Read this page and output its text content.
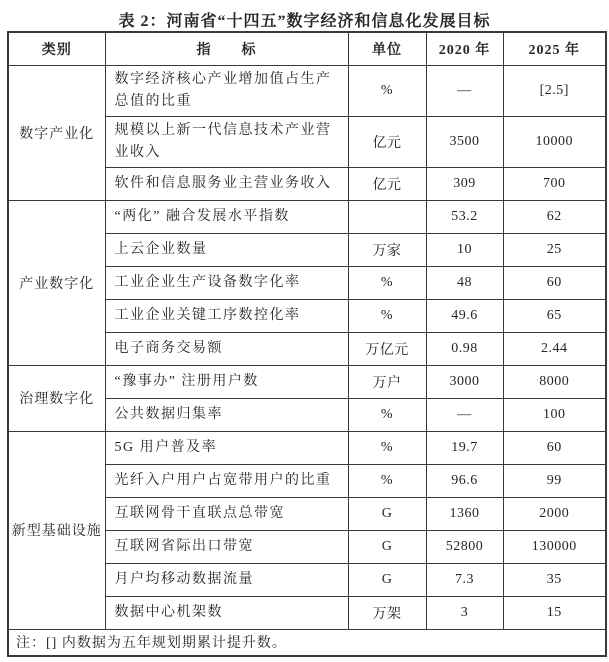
表 2：河南省“十四五”数字经济和信息化发展目标
类别	指　　标	单位	2020 年	2025 年
数字产业化	数字经济核心产业增加值占生产总值的比重	%	—	[2.5]
	规模以上新一代信息技术产业营业收入	亿元	3500	10000
	软件和信息服务业主营业务收入	亿元	309	700
产业数字化	“两化” 融合发展水平指数		53.2	62
	上云企业数量	万家	10	25
	工业企业生产设备数字化率	%	48	60
	工业企业关键工序数控化率	%	49.6	65
	电子商务交易额	万亿元	0.98	2.44
治理数字化	“豫事办” 注册用户数	万户	3000	8000
	公共数据归集率	%	—	100
新型基础设施	5G 用户普及率	%	19.7	60
	光纤入户用户占宽带用户的比重	%	96.6	99
	互联网骨干直联点总带宽	G	1360	2000
	互联网省际出口带宽	G	52800	130000
	月户均移动数据流量	G	7.3	35
	数据中心机架数	万架	3	15
注：[] 内数据为五年规划期累计提升数。				
